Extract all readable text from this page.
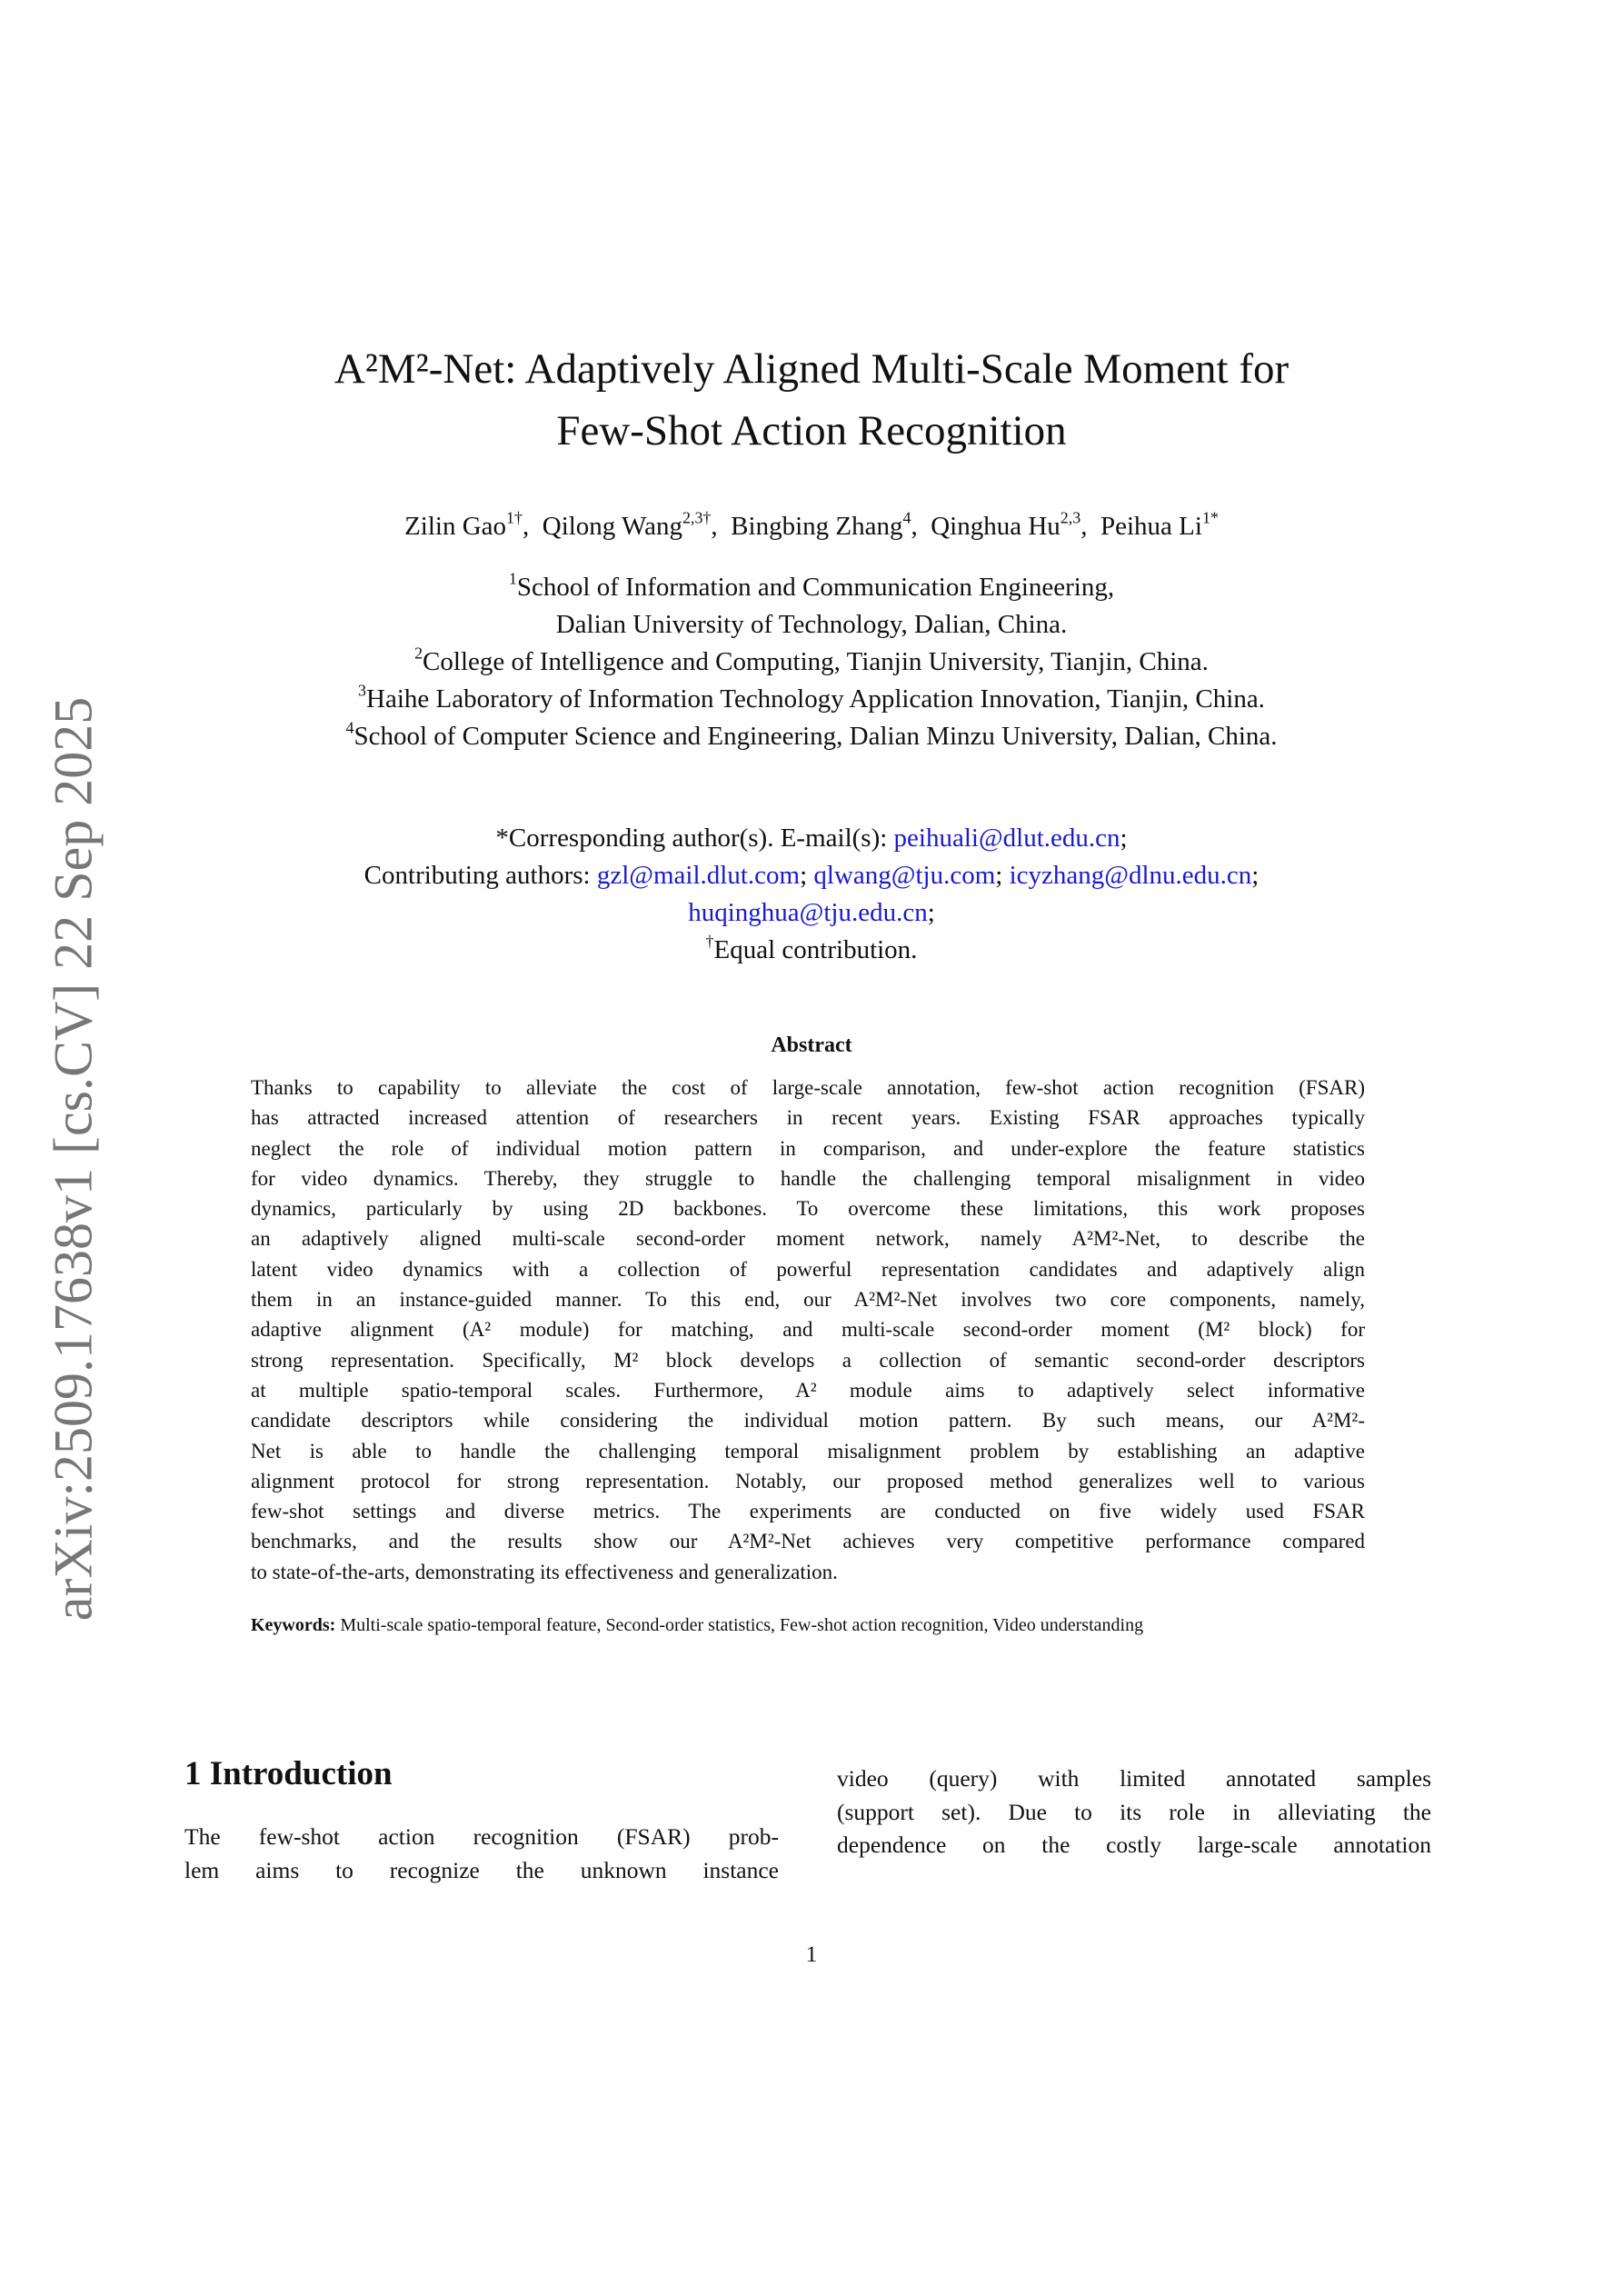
arXiv:2509.17638v1 [cs.CV] 22 Sep 2025
A²M²-Net: Adaptively Aligned Multi-Scale Moment for
Few-Shot Action Recognition
Zilin Gao$^{1\dagger}$,  Qilong Wang$^{2,3\dagger}$,  Bingbing Zhang$^4$,  Qinghua Hu$^{2,3}$,  Peihua $Li^{1*}$
$^1$School of Information and Communication Engineering,
Dalian University of Technology, Dalian, China.
$^2$College of Intelligence and Computing, Tianjin University, Tianjin, China.
$^3$Haihe Laboratory of Information Technology Application Innovation, Tianjin, China.
$^4$School of Computer Science and Engineering, Dalian Minzu University, Dalian, China.
*Corresponding author(s). E-mail(s): peihuali@dlut.edu.cn;
Contributing authors: gzl@mail.dlut.com; qlwang@tju.com; icyzhang@dlnu.edu.cn;
huqinghua@tju.edu.cn;
†Equal contribution.
Abstract
Thanks to capability to alleviate the cost of large-scale annotation, few-shot action recognition (FSAR)
has attracted increased attention of researchers in recent years. Existing FSAR approaches typically
neglect the role of individual motion pattern in comparison, and under-explore the feature statistics
for video dynamics. Thereby, they struggle to handle the challenging temporal misalignment in video
dynamics, particularly by using 2D backbones. To overcome these limitations, this work proposes
an adaptively aligned multi-scale second-order moment network, namely A²M²-Net, to describe the
latent video dynamics with a collection of powerful representation candidates and adaptively align
them in an instance-guided manner. To this end, our A²M²-Net involves two core components, namely,
adaptive alignment (A² module) for matching, and multi-scale second-order moment (M² block) for
strong representation. Specifically, M² block develops a collection of semantic second-order descriptors
at multiple spatio-temporal scales. Furthermore, A² module aims to adaptively select informative
candidate descriptors while considering the individual motion pattern. By such means, our A²M²-
Net is able to handle the challenging temporal misalignment problem by establishing an adaptive
alignment protocol for strong representation. Notably, our proposed method generalizes well to various
few-shot settings and diverse metrics. The experiments are conducted on five widely used FSAR
benchmarks, and the results show our A²M²-Net achieves very competitive performance compared
to state-of-the-arts, demonstrating its effectiveness and generalization.
Keywords: Multi-scale spatio-temporal feature, Second-order statistics, Few-shot action recognition, Video understanding
1 Introduction
The few-shot action recognition (FSAR) prob-
lem aims to recognize the unknown instance
video (query) with limited annotated samples
(support set). Due to its role in alleviating the
dependence on the costly large-scale annotation
1
